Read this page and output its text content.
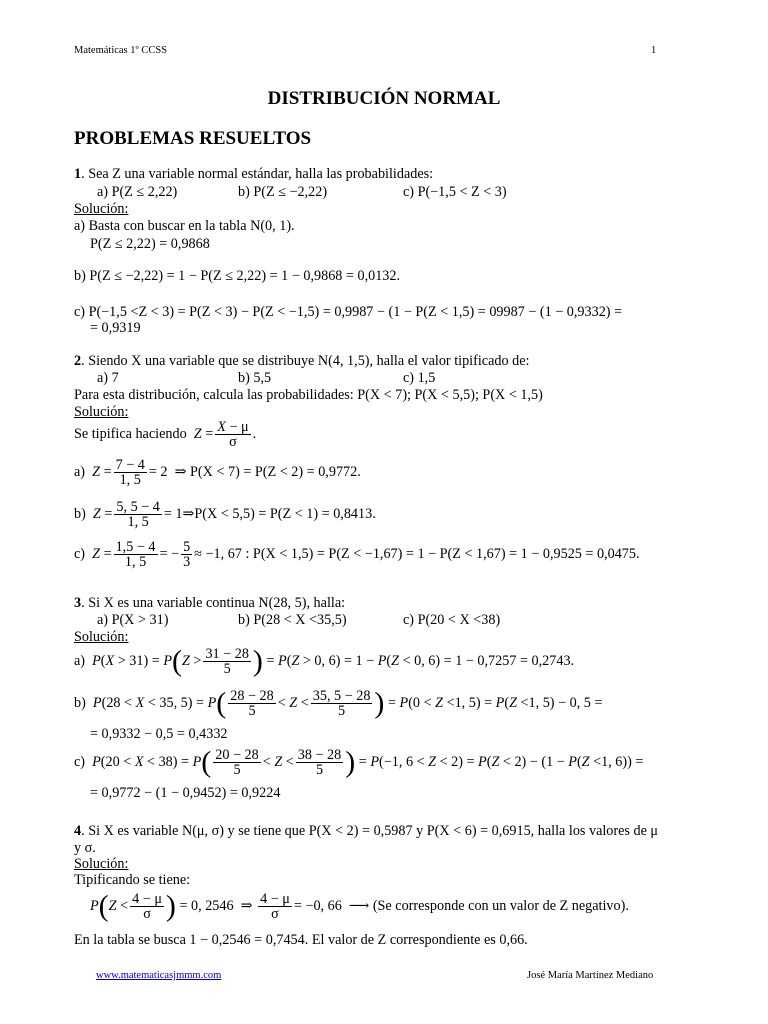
Matemáticas 1º CCSS	1
DISTRIBUCIÓN NORMAL
PROBLEMAS RESUELTOS
1. Sea Z una variable normal estándar, halla las probabilidades:
a) P(Z ≤ 2,22)	b) P(Z ≤ −2,22)	c) P(−1,5 < Z < 3)
Solución:
a) Basta con buscar en la tabla N(0, 1).
P(Z ≤ 2,22) = 0,9868
b) P(Z ≤ −2,22) = 1 − P(Z ≤ 2,22) = 1 − 0,9868 = 0,0132.
c) P(−1,5 <Z < 3) = P(Z < 3) − P(Z < −1,5) = 0,9987 − (1 − P(Z < 1,5) = 09987 − (1 − 0,9332) =
= 0,9319
2. Siendo X una variable que se distribuye N(4, 1,5), halla el valor tipificado de:
a) 7	b) 5,5	c) 1,5
Para esta distribución, calcula las probabilidades: P(X < 7); P(X < 5,5); P(X < 1,5)
Solución:
Se tipifica haciendo $Z = \frac{X - \mu}{\sigma}$ .
a)  $Z = \frac{7 - 4}{1, 5} = 2$  ⇒ P(X < 7) = P(Z < 2) = 0,9772.
b)  $Z = \frac{5, 5 - 4}{1, 5}$ = 1⇒P(X < 5,5) = P(Z < 1) = 0,8413.
c)  $Z = \frac{1,5 - 4}{1, 5}$ = − $\frac{5}{3} \approx -1$, 67 : P(X < 1,5) = P(Z < −1,67) = 1 − P(Z < 1,67) = 1 − 0,9525 = 0,0475.
3. Si X es una variable continua N(28, 5), halla:
a) P(X > 31)	b) P(28 < X <35,5)	c) P(20 < X <38)
Solución:
a)  $P(X > 31) = P(Z > \frac{31 - 28}{5}$ ) = P(Z > 0, 6) = 1 − P(Z < 0, 6) = 1 − 0,7257 = 0,2743.
b)  P(28 < X < 35, $5) = P( \frac{28 - 28}{5} < Z < \frac{35, 5 - 28}{5}$ ) = P(0 < Z <1, 5) = P(Z <1, 5) − 0, 5 =
= 0,9332 − 0,5 = 0,4332
c)  $P(20 < X < 38) = P( \frac{20 - 28}{5} < Z < \frac{38 - 28}{5}$ ) = P(−1, 6 < Z < 2) = P(Z < 2) − (1 − P(Z <1, 6)) =
= 0,9772 − (1 − 0,9452) = 0,9224
4. Si X es variable N(μ, σ) y se tiene que P(X < 2) = 0,5987 y P(X < 6) = 0,6915, halla los valores de μ
y σ.
Solución:
Tipificando se tiene:
$P(Z < \frac{4 - \mu}{\sigma}$ ) = 0, 2546  ⇒ $\frac{4 - \mu}{\sigma} = -0$, 66  ⟶ (Se corresponde con un valor de Z negativo).
En la tabla se busca 1 − 0,2546 = 0,7454. El valor de Z correspondiente es 0,66.
www.matematicasjmmm.com	José María Martínez Mediano
